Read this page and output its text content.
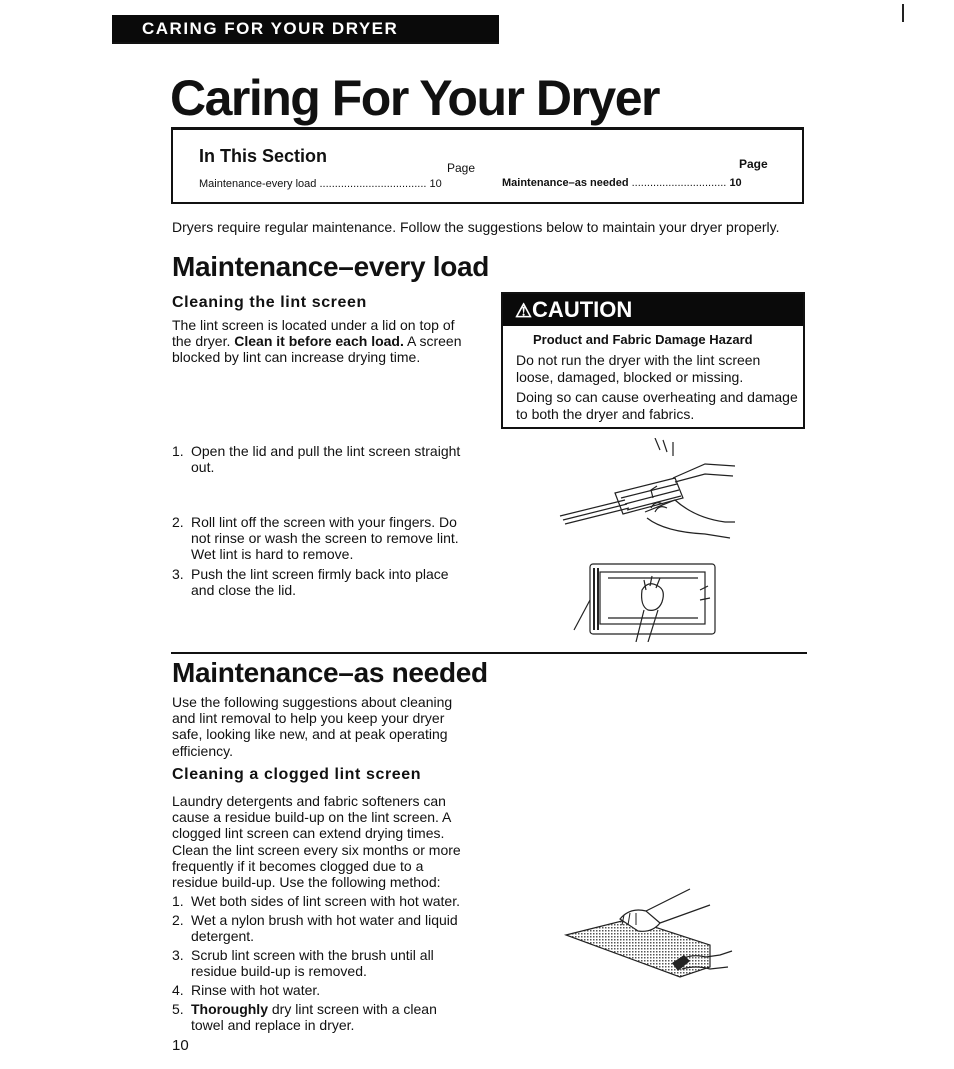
CARING FOR YOUR DRYER
Caring For Your Dryer
In This Section
Page	Page
Maintenance-every load ................................... 10	Maintenance–as needed ............................... 10
Dryers require regular maintenance. Follow the suggestions below to maintain your dryer properly.
Maintenance–every load
Cleaning the lint screen
The lint screen is located under a lid on top of
the dryer. Clean it before each load. A screen
blocked by lint can increase drying time.
⚠CAUTION
Product and Fabric Damage Hazard
Do not run the dryer with the lint screen loose, damaged, blocked or missing.
Doing so can cause overheating and damage to both the dryer and fabrics.
1. Open the lid and pull the lint screen straight
out.
2. Roll lint off the screen with your fingers. Do
not rinse or wash the screen to remove lint.
Wet lint is hard to remove.
3. Push the lint screen firmly back into place
and close the lid.
Maintenance–as needed
Use the following suggestions about cleaning
and lint removal to help you keep your dryer
safe, looking like new, and at peak operating
efficiency.
Cleaning a clogged lint screen
Laundry detergents and fabric softeners can
cause a residue build-up on the lint screen. A
clogged lint screen can extend drying times.
Clean the lint screen every six months or more
frequently if it becomes clogged due to a
residue build-up. Use the following method:
1. Wet both sides of lint screen with hot water.
2. Wet a nylon brush with hot water and liquid
detergent.
3. Scrub lint screen with the brush until all
residue build-up is removed.
4. Rinse with hot water.
5. Thoroughly dry lint screen with a clean
towel and replace in dryer.
10
